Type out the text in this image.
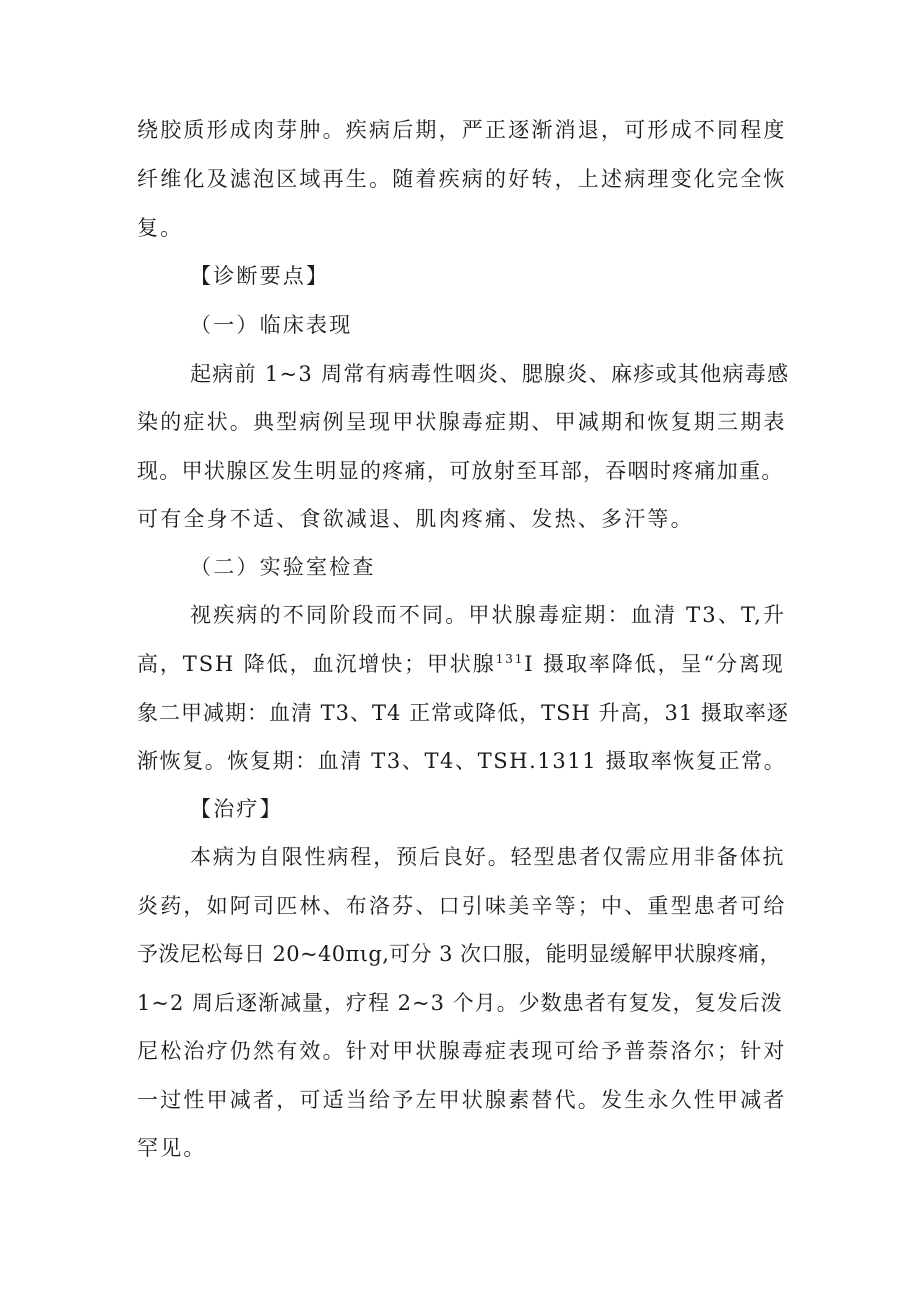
绕胶质形成肉芽肿。疾病后期，严正逐渐消退，可形成不同程度
纤维化及滤泡区域再生。随着疾病的好转，上述病理变化完全恢
复。
【诊断要点】
（一）临床表现
起病前 1~3 周常有病毒性咽炎、腮腺炎、麻疹或其他病毒感
染的症状。典型病例呈现甲状腺毒症期、甲减期和恢复期三期表
现。甲状腺区发生明显的疼痛，可放射至耳部，吞咽时疼痛加重。
可有全身不适、食欲减退、肌肉疼痛、发热、多汗等。
（二）实验室检查
视疾病的不同阶段而不同。甲状腺毒症期：血清 T3、T,升
高，TSH 降低，血沉增快；甲状腺$^{131}$I 摄取率降低，呈“分离现
象二甲减期：血清 T3、T4 正常或降低，TSH 升高，31 摄取率逐
渐恢复。恢复期：血清 T3、T4、TSH.1311 摄取率恢复正常。
【治疗】
本病为自限性病程，预后良好。轻型患者仅需应用非备体抗
炎药，如阿司匹林、布洛芬、口引味美辛等；中、重型患者可给
予泼尼松每日 20~40πιg,可分 3 次口服，能明显缓解甲状腺疼痛，
1~2 周后逐渐减量，疗程 2~3 个月。少数患者有复发，复发后泼
尼松治疗仍然有效。针对甲状腺毒症表现可给予普萘洛尔；针对
一过性甲减者，可适当给予左甲状腺素替代。发生永久性甲减者
罕见。
